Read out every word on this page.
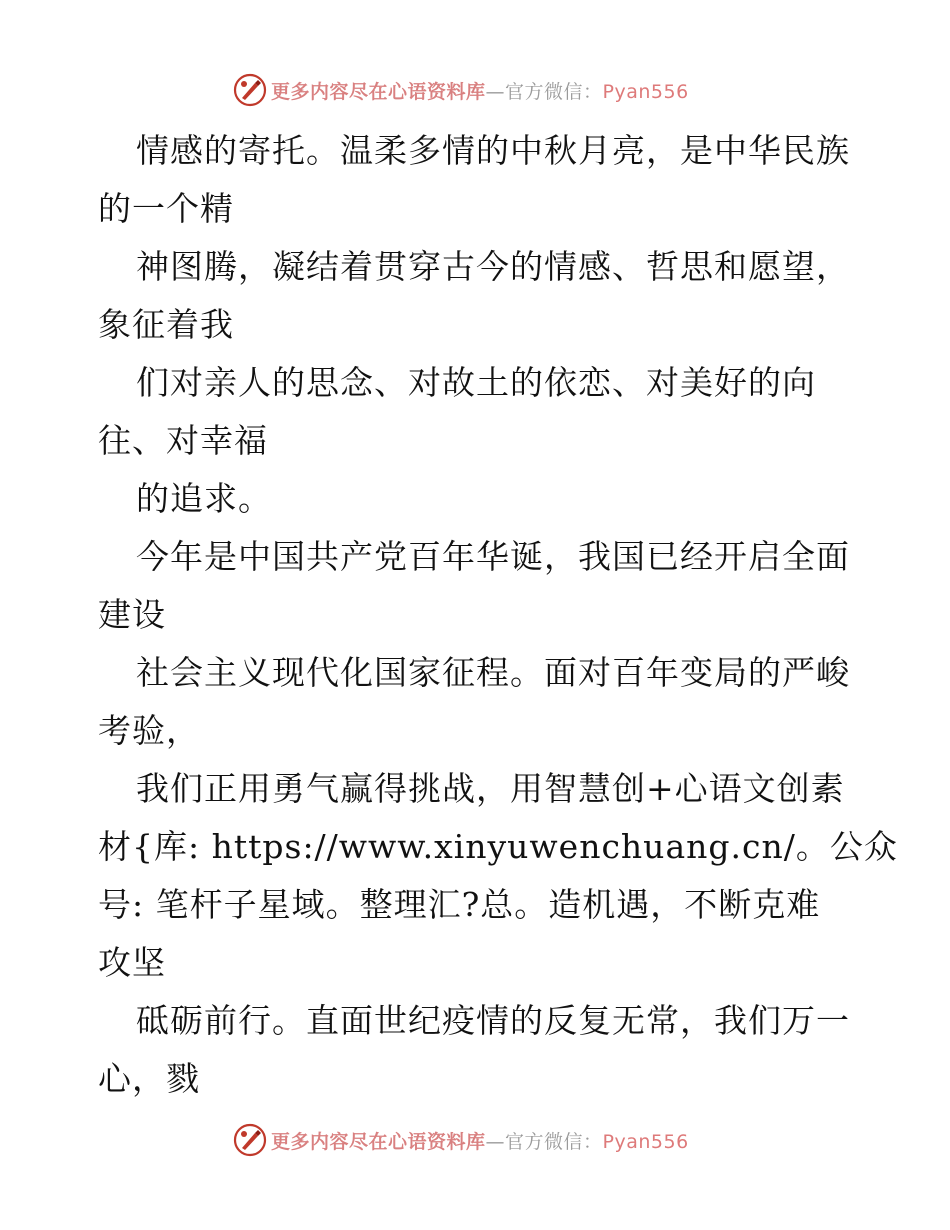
更多内容尽在心语资料库—官方微信：Pyan556
情感的寄托。温柔多情的中秋月亮，是中华民族
的一个精
神图腾，凝结着贯穿古今的情感、哲思和愿望，
象征着我
们对亲人的思念、对故土的依恋、对美好的向
往、对幸福
的追求。
今年是中国共产党百年华诞，我国已经开启全面
建设
社会主义现代化国家征程。面对百年变局的严峻
考验，
我们正用勇气赢得挑战，用智慧创+心语文创素
材{库: https://www.xinyuwenchuang.cn/。公众
号: 笔杆子星域。整理汇?总。造机遇，不断克难
攻坚
砥砺前行。直面世纪疫情的反复无常，我们万一
心，戮
更多内容尽在心语资料库—官方微信：Pyan556
